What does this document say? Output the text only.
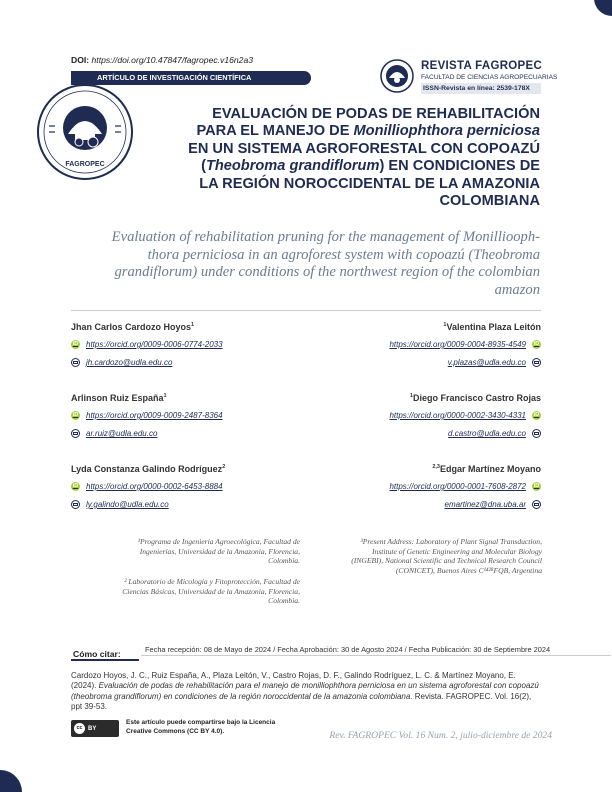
DOI: https://doi.org/10.47847/fagropec.v16n2a3
ARTÍCULO DE INVESTIGACIÓN CIENTÍFICA
REVISTA FAGROPEC
FACULTAD DE CIENCIAS AGROPECUARIAS
ISSN-Revista en línea: 2539-178X
FAGROPEC
EVALUACIÓN DE PODAS DE REHABILITACIÓN
PARA EL MANEJO DE Monilliophthora perniciosa
EN UN SISTEMA AGROFORESTAL CON COPOAZÚ
(Theobroma grandiflorum) EN CONDICIONES DE
LA REGIÓN NOROCCIDENTAL DE LA AMAZONIA
COLOMBIANA
Evaluation of rehabilitation pruning for the management of Monilliooph-
thora perniciosa in an agroforest system with copoazú (Theobroma
grandiflorum) under conditions of the northwest region of the colombian
amazon
Jhan Carlos Cardozo Hoyos$^1$
iD https://orcid.org/0009-0006-0774-2033
jh.cardozo@udla.edu.co
Arlinson Ruiz España$^1$
iD https://orcid.org/0009-0009-2487-8364
ar.ruiz@udla.edu.co
Lyda Constanza Galindo Rodríguez$^2$
iD https://orcid.org/0000-0002-6453-8884
ly.galindo@udla.edu.co
$^1$Valentina Plaza Leitón
iD
https://orcid.org/0009-0004-8935-4549
v.plazas@udla.edu.co
$^1$Diego Francisco Castro Rojas
iD
https://orcid.org/0000-0002-3430-4331
d.castro@udla.edu.co
$^{2,3}$Edgar Martínez Moyano
iD
https://orcid.org/0000-0001-7608-2872
emartinez@dna.uba.ar
¹Programa de Ingeniería Agroecológica, Facultad de
Ingenierías, Universidad de la Amazonia, Florencia,
Colombia.
² Laboratorio de Micología y Fitoprotección, Facultad de
Ciencias Básicas, Universidad de la Amazonia, Florencia,
Colombia.
³Present Address: Laboratory of Plant Signal Transduction,
Institute of Genetic Engineering and Molecular Biology
(INGEBI), National Scientific and Technical Research Council
(CONICET), Buenos Aires C¹⁴²⁸FQB, Argentina
Cómo citar:	Fecha recepción: 08 de Mayo de 2024 / Fecha Aprobación: 30 de Agosto 2024 / Fecha Publicación: 30 de Septiembre 2024
Cardozo Hoyos, J. C., Ruiz España, A., Plaza Leitón, V., Castro Rojas, D. F., Galindo Rodríguez, L. C. & Martínez Moyano, E. (2024). Evaluación de podas de rehabilitación para el manejo de monilliophthora perniciosa en un sistema agroforestal con copoazú (theobroma grandiflorum) en condiciones de la región noroccidental de la amazonia colombiana. Revista. FAGROPEC. Vol. 16(2), ppt 39-53.
cc BY
Este artículo puede compartirse bajo la Licencia
Creative Commons (CC BY 4.0).	Rev. FAGROPEC Vol. 16 Num. 2, julio-diciembre de 2024
